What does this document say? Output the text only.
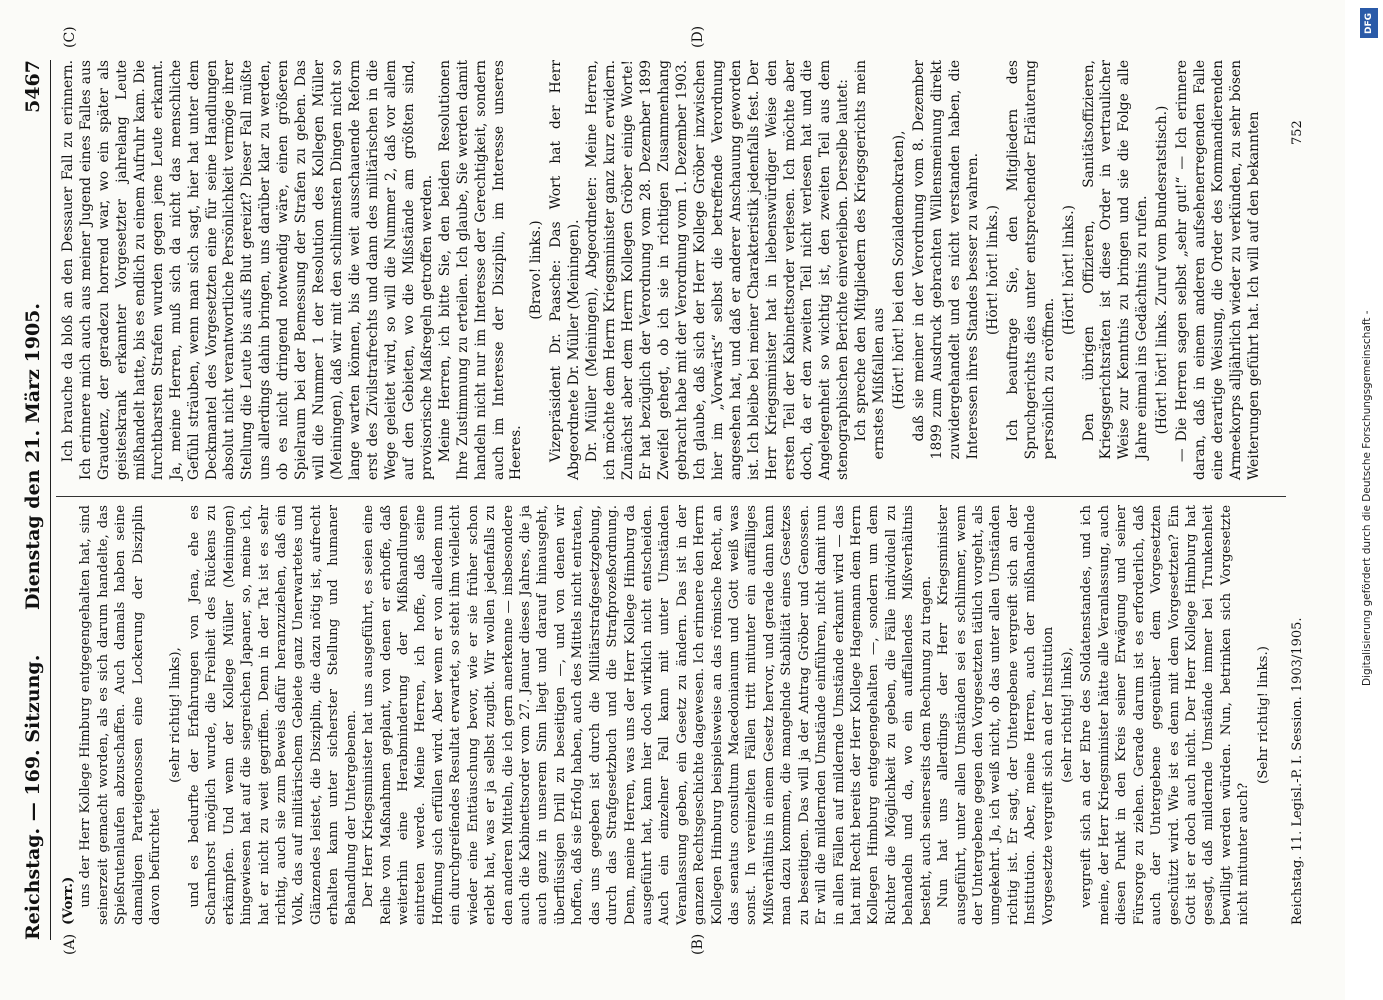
Reichstag. — 169. Sitzung.
Dienstag den 21. März 1905.
5467
(A)	(B)
(C)	(D)

(Vorr.) uns der Herr Kollege Himburg entgegengehalten hat, sind seinerzeit gemacht worden, als es sich darum handelte, das Spießrutenlaufen abzuschaffen. Auch damals haben seine damaligen Parteigenossen eine Lockerung der Disziplin davon befürchtet

(sehr richtig! links), und es bedurfte der Erfahrungen von Jena, ehe es Scharnhorst möglich wurde, die Freiheit des Rückens zu erkämpfen. Und wenn der Kollege Müller (Meiningen) hingewiesen hat auf die siegreichen Japaner, so, meine ich, hat er nicht zu weit gegriffen. Denn in der Tat ist es sehr richtig, auch sie zum Beweis dafür heranzuziehen, daß ein Volk, das auf militärischem Gebiete ganz Unerwartetes und Glänzendes leistet, die Disziplin, die dazu nötig ist, aufrecht erhalten kann unter sicherster Stellung und humaner Behandlung der Untergebenen. Der Herr Kriegsminister hat uns ausgeführt, es seien eine Reihe von Maßnahmen geplant, von denen er erhoffe, daß weiterhin eine Herabminderung der Mißhandlungen eintreten werde. Meine Herren, ich hoffe, daß seine Hoffnung sich erfüllen wird. Aber wenn er von alledem nun ein durchgreifendes Resultat erwartet, so steht ihm vielleicht wieder eine Enttäuschung bevor, wie er sie früher schon erlebt hat, was er ja selbst zugibt. Wir wollen jedenfalls zu den anderen Mitteln, die ich gern anerkenne — insbesondere auch die Kabinettsorder vom 27. Januar dieses Jahres, die ja auch ganz in unserem Sinn liegt und darauf hinausgeht, überflüssigen Drill zu beseitigen —, und von denen wir hoffen, daß sie Erfolg haben, auch des Mittels nicht entraten, das uns gegeben ist durch die Militärstrafgesetzgebung, durch das Strafgesetzbuch und die Strafprozeßordnung. Denn, meine Herren, was uns der Herr Kollege Himburg da ausgeführt hat, kann hier doch wirklich nicht entscheiden. Auch ein einzelner Fall kann mit unter Umständen Veranlassung geben, ein Gesetz zu ändern. Das ist in der ganzen Rechtsgeschichte dagewesen. Ich erinnere den Herrn Kollegen Himburg beispielsweise an das römische Recht, an das senatus consultum Macedonianum und Gott weiß was sonst. In vereinzelten Fällen tritt mitunter ein auffälliges Mißverhältnis in einem Gesetz hervor, und gerade dann kann man dazu kommen, die mangelnde Stabilität eines Gesetzes zu beseitigen. Das will ja der Antrag Gröber und Genossen. Er will die mildernden Umstände einführen, nicht damit nun in allen Fällen auf mildernde Umstände erkannt wird — das hat mit Recht bereits der Herr Kollege Hagemann dem Herrn Kollegen Himburg entgegengehalten —, sondern um dem Richter die Möglichkeit zu geben, die Fälle individuell zu behandeln und da, wo ein auffallendes Mißverhältnis besteht, auch seinerseits dem Rechnung zu tragen. Nun hat uns allerdings der Herr Kriegsminister ausgeführt, unter allen Umständen sei es schlimmer, wenn der Untergebene gegen den Vorgesetzten tätlich vorgeht, als umgekehrt. Ja, ich weiß nicht, ob das unter allen Umständen richtig ist. Er sagt, der Untergebene vergreift sich an der Institution. Aber, meine Herren, auch der mißhandelnde Vorgesetzte vergreift sich an der Institution (sehr richtig! links), vergreift sich an der Ehre des Soldatenstandes, und ich meine, der Herr Kriegsminister hätte alle Veranlassung, auch diesen Punkt in den Kreis seiner Erwägung und seiner Fürsorge zu ziehen. Gerade darum ist es erforderlich, daß auch der Untergebene gegenüber dem Vorgesetzten geschützt wird. Wie ist es denn mit dem Vorgesetzten? Ein Gott ist er doch auch nicht. Der Herr Kollege Himburg hat gesagt, daß mildernde Umstände immer bei Trunkenheit bewilligt werden würden. Nun, betrinken sich Vorgesetzte nicht mitunter auch?

(Sehr richtig! links.)

Ich brauche da bloß an den Dessauer Fall zu erinnern. Ich erinnere mich auch aus meiner Jugend eines Falles aus Graudenz, der geradezu horrend war, wo ein später als geisteskrank erkannter Vorgesetzter jahrelang Leute mißhandelt hatte, bis es endlich zu einem Aufruhr kam. Die furchtbarsten Strafen wurden gegen jene Leute erkannt. Ja, meine Herren, muß sich da nicht das menschliche Gefühl sträuben, wenn man sich sagt, hier hat unter dem Deckmantel des Vorgesetzten eine für seine Handlungen absolut nicht verantwortliche Persönlichkeit vermöge ihrer Stellung die Leute bis aufs Blut gereizt? Dieser Fall müßte uns allerdings dahin bringen, uns darüber klar zu werden, ob es nicht dringend notwendig wäre, einen größeren Spielraum bei der Bemessung der Strafen zu geben. Das will die Nummer 1 der Resolution des Kollegen Müller (Meiningen), daß wir mit den schlimmsten Dingen nicht so lange warten können, bis die weit ausschauende Reform erst des Zivilstrafrechts und dann des militärischen in die Wege geleitet wird, so will die Nummer 2, daß vor allem auf den Gebieten, wo die Mißstände am größten sind, provisorische Maßregeln getroffen werden. Meine Herren, ich bitte Sie, den beiden Resolutionen Ihre Zustimmung zu erteilen. Ich glaube, Sie werden damit handeln nicht nur im Interesse der Gerechtigkeit, sondern auch im Interesse der Disziplin, im Interesse unseres Heeres.

(Bravo! links.) Vizepräsident Dr. Paasche: Das Wort hat der Herr Abgeordnete Dr. Müller (Meiningen). Dr. Müller (Meiningen), Abgeordneter: Meine Herren, ich möchte dem Herrn Kriegsminister ganz kurz erwidern. Zunächst aber dem Herrn Kollegen Gröber einige Worte! Er hat bezüglich der Verordnung vom 28. Dezember 1899 Zweifel gehegt, ob ich sie in richtigen Zusammenhang gebracht habe mit der Verordnung vom 1. Dezember 1903. Ich glaube, daß sich der Herr Kollege Gröber inzwischen hier im „Vorwärts“ selbst die betreffende Verordnung angesehen hat, und daß er anderer Anschauung geworden ist. Ich bleibe bei meiner Charakteristik jedenfalls fest. Der Herr Kriegsminister hat in liebenswürdiger Weise den ersten Teil der Kabinettsorder verlesen. Ich möchte aber doch, da er den zweiten Teil nicht verlesen hat und die Angelegenheit so wichtig ist, den zweiten Teil aus dem stenographischen Berichte einverleiben. Derselbe lautet: Ich spreche den Mitgliedern des Kriegsgerichts mein ernstes Mißfallen aus (Hört! hört! bei den Sozialdemokraten), daß sie meiner in der Verordnung vom 8. Dezember 1899 zum Ausdruck gebrachten Willensmeinung direkt zuwidergehandelt und es nicht verstanden haben, die Interessen ihres Standes besser zu wahren. (Hört! hört! links.) Ich beauftrage Sie, den Mitgliedern des Spruchgerichts dies unter entsprechender Erläuterung persönlich zu eröffnen.

(Hört! hört! links.) Den übrigen Offizieren, Sanitätsoffizieren, Kriegsgerichtsräten ist diese Order in vertraulicher Weise zur Kenntnis zu bringen und sie die Folge alle Jahre einmal ins Gedächtnis zu rufen. (Hört! hört! links. Zuruf vom Bundesratstisch.) — Die Herren sagen selbst „sehr gut!“ — Ich erinnere daran, daß in einem anderen aufsehenerregenden Falle eine derartige Weisung, die Order des Kommandierenden Armeekorps alljährlich wieder zu verkünden, zu sehr bösen Weiterungen geführt hat. Ich will auf den bekannten

Reichstag. 11. Legisl.-P. I. Session. 1903/1905.
752
DFG
Digitalisierung gefördert durch die Deutsche Forschungsgemeinschaft -
